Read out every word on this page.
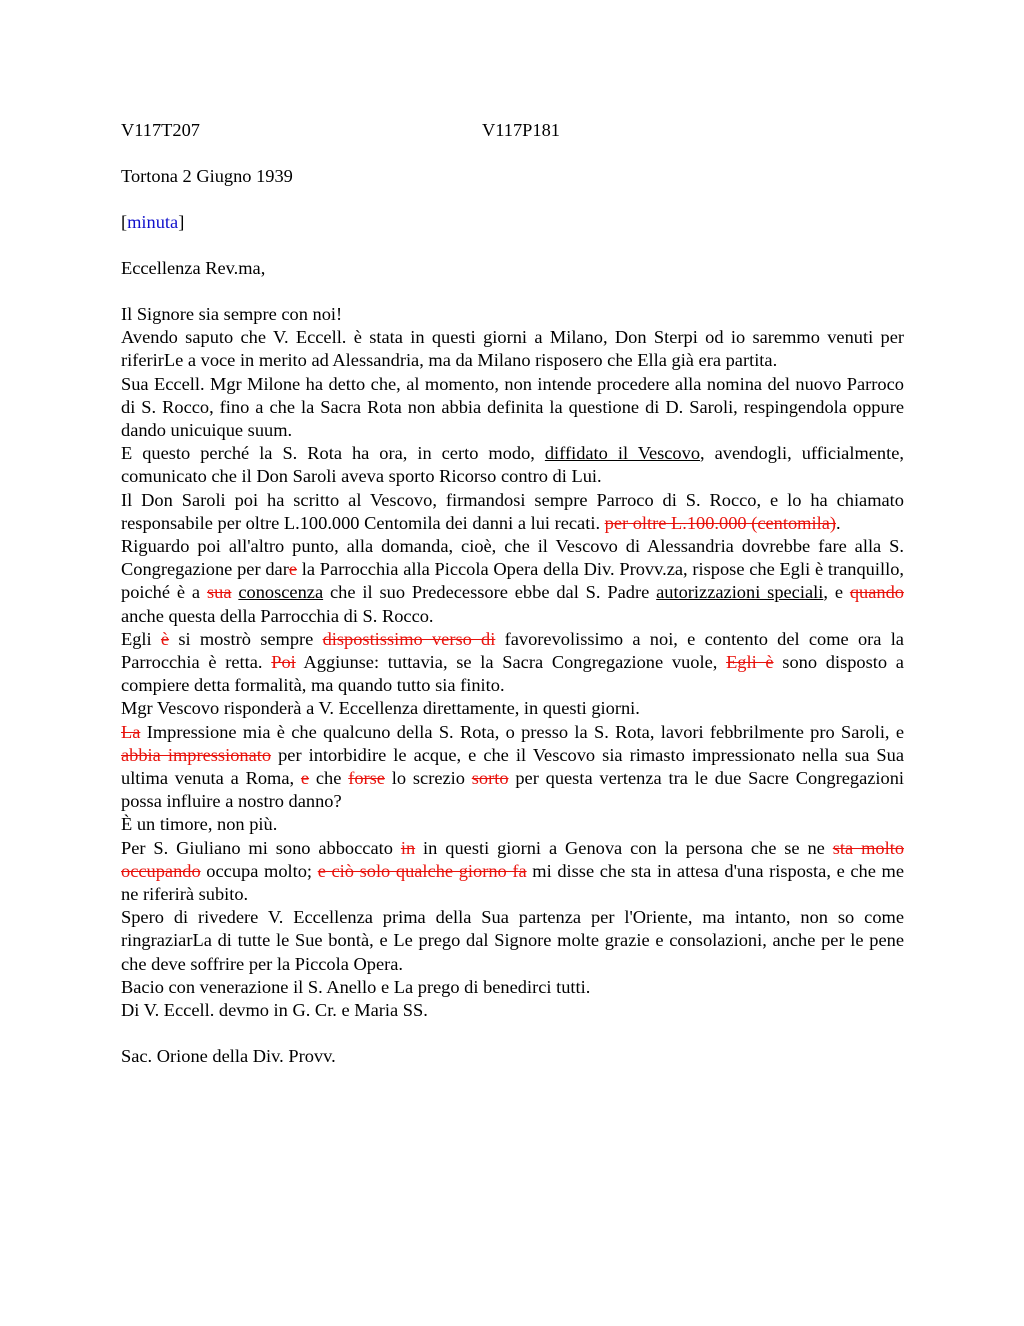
V117T207	V117P181
Tortona 2 Giugno 1939
[minuta]
Eccellenza Rev.ma,

Il Signore sia sempre con noi!

Avendo saputo che V. Eccell. è stata in questi giorni a Milano, Don Sterpi od io saremmo venuti per riferirLe a voce in merito ad Alessandria, ma da Milano risposero che Ella già era partita.

Sua Eccell. Mgr Milone ha detto che, al momento, non intende procedere alla nomina del nuovo Parroco di S. Rocco, fino a che la Sacra Rota non abbia definita la questione di D. Saroli, respingendola oppure dando unicuique suum.

E questo perché la S. Rota ha ora, in certo modo, diffidato il Vescovo, avendogli, ufficialmente, comunicato che il Don Saroli aveva sporto Ricorso contro di Lui.

Il Don Saroli poi ha scritto al Vescovo, firmandosi sempre Parroco di S. Rocco, e lo ha chiamato responsabile per oltre L.100.000 Centomila dei danni a lui recati. per oltre L.100.000 (centomila).

Riguardo poi all'altro punto, alla domanda, cioè, che il Vescovo di Alessandria dovrebbe fare alla S. Congregazione per dare la Parrocchia alla Piccola Opera della Div. Provv.za, rispose che Egli è tranquillo, poiché è a sua conoscenza che il suo Predecessore ebbe dal S. Padre autorizzazioni speciali, e quando anche questa della Parrocchia di S. Rocco.

Egli è si mostrò sempre dispostissimo verso di favorevolissimo a noi, e contento del come ora la Parrocchia è retta. Poi Aggiunse: tuttavia, se la Sacra Congregazione vuole, Egli è sono disposto a compiere detta formalità, ma quando tutto sia finito.

Mgr Vescovo risponderà a V. Eccellenza direttamente, in questi giorni.

La Impressione mia è che qualcuno della S. Rota, o presso la S. Rota, lavori febbrilmente pro Saroli, e abbia impressionato per intorbidire le acque, e che il Vescovo sia rimasto impressionato nella sua Sua ultima venuta a Roma, e che forse lo screzio sorto per questa vertenza tra le due Sacre Congregazioni possa influire a nostro danno?

È un timore, non più.

Per S. Giuliano mi sono abboccato in in questi giorni a Genova con la persona che se ne sta molto occupando occupa molto; e ciò solo qualche giorno fa mi disse che sta in attesa d'una risposta, e che me ne riferirà subito.

Spero di rivedere V. Eccellenza prima della Sua partenza per l'Oriente, ma intanto, non so come ringraziarLa di tutte le Sue bontà, e Le prego dal Signore molte grazie e consolazioni, anche per le pene che deve soffrire per la Piccola Opera.

Bacio con venerazione il S. Anello e La prego di benedirci tutti.

Di V. Eccell. devmo in G. Cr. e Maria SS.

Sac. Orione della Div. Provv.
